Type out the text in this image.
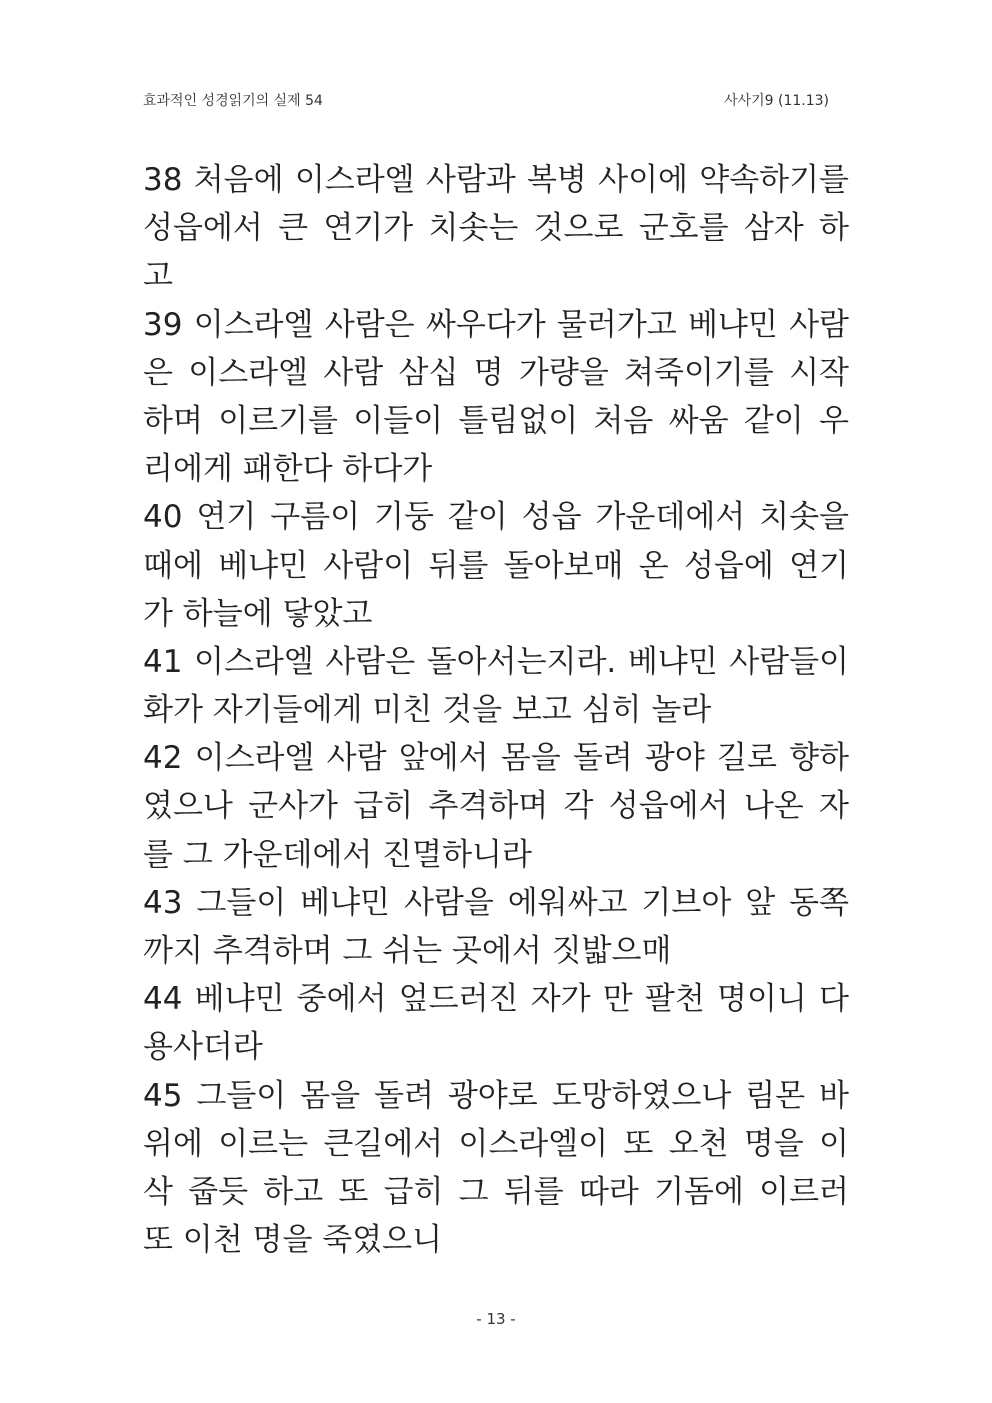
효과적인 성경읽기의 실제 54	사사기9 (11.13)
38 처음에 이스라엘 사람과 복병 사이에 약속하기를
성읍에서 큰 연기가 치솟는 것으로 군호를 삼자 하
고
39 이스라엘 사람은 싸우다가 물러가고 베냐민 사람
은 이스라엘 사람 삼십 명 가량을 쳐죽이기를 시작
하며 이르기를 이들이 틀림없이 처음 싸움 같이 우
리에게 패한다 하다가
40 연기 구름이 기둥 같이 성읍 가운데에서 치솟을
때에 베냐민 사람이 뒤를 돌아보매 온 성읍에 연기
가 하늘에 닿았고
41 이스라엘 사람은 돌아서는지라. 베냐민 사람들이
화가 자기들에게 미친 것을 보고 심히 놀라
42 이스라엘 사람 앞에서 몸을 돌려 광야 길로 향하
였으나 군사가 급히 추격하며 각 성읍에서 나온 자
를 그 가운데에서 진멸하니라
43 그들이 베냐민 사람을 에워싸고 기브아 앞 동쪽
까지 추격하며 그 쉬는 곳에서 짓밟으매
44 베냐민 중에서 엎드러진 자가 만 팔천 명이니 다
용사더라
45 그들이 몸을 돌려 광야로 도망하였으나 림몬 바
위에 이르는 큰길에서 이스라엘이 또 오천 명을 이
삭 줍듯 하고 또 급히 그 뒤를 따라 기돔에 이르러
또 이천 명을 죽였으니
- 13 -
